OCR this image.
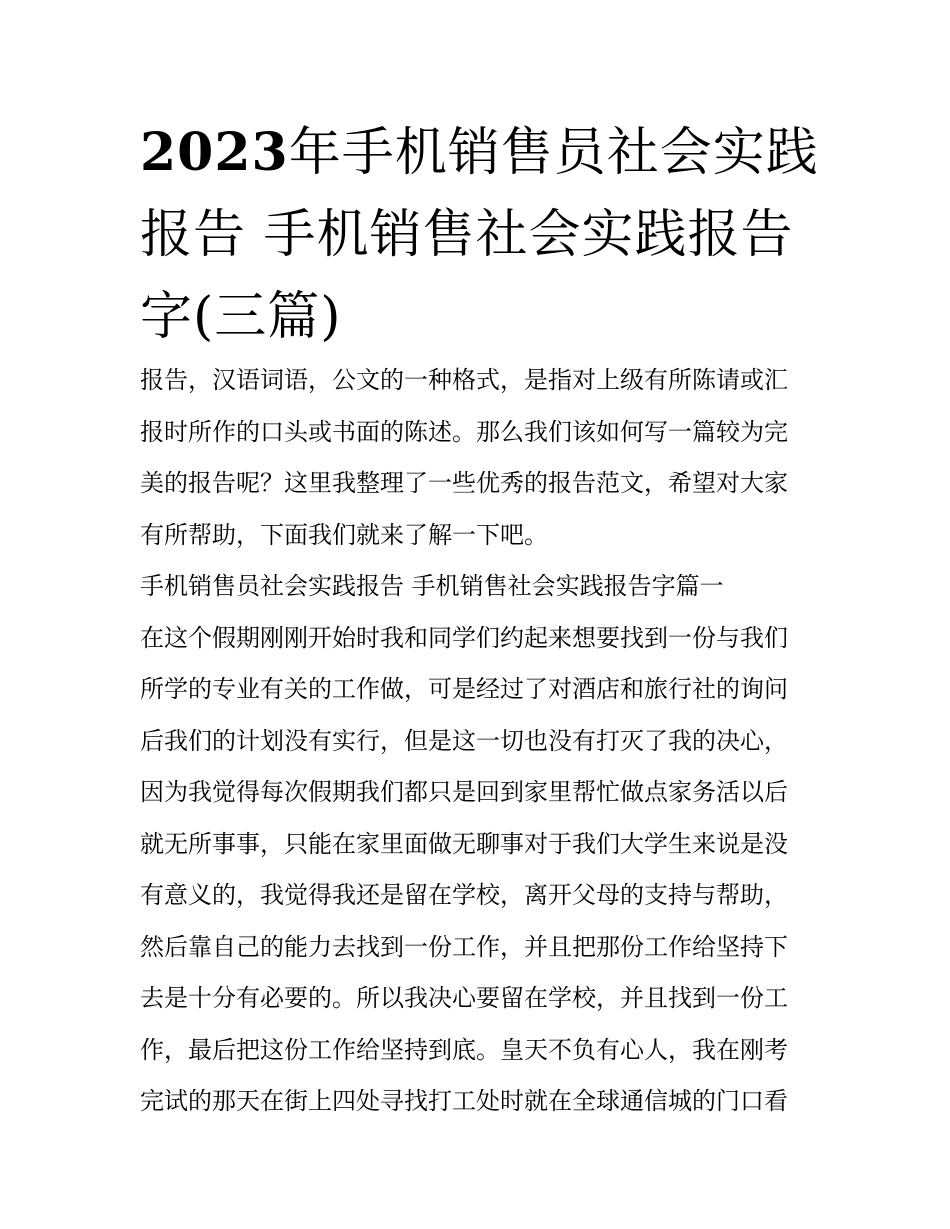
2023年手机销售员社会实践报告 手机销售社会实践报告字(三篇)
报告，汉语词语，公文的一种格式，是指对上级有所陈请或汇
报时所作的口头或书面的陈述。那么我们该如何写一篇较为完
美的报告呢？这里我整理了一些优秀的报告范文，希望对大家
有所帮助，下面我们就来了解一下吧。
手机销售员社会实践报告 手机销售社会实践报告字篇一
在这个假期刚刚开始时我和同学们约起来想要找到一份与我们
所学的专业有关的工作做，可是经过了对酒店和旅行社的询问
后我们的计划没有实行，但是这一切也没有打灭了我的决心，
因为我觉得每次假期我们都只是回到家里帮忙做点家务活以后
就无所事事，只能在家里面做无聊事对于我们大学生来说是没
有意义的，我觉得我还是留在学校，离开父母的支持与帮助，
然后靠自己的能力去找到一份工作，并且把那份工作给坚持下
去是十分有必要的。所以我决心要留在学校，并且找到一份工
作，最后把这份工作给坚持到底。皇天不负有心人，我在刚考
完试的那天在街上四处寻找打工处时就在全球通信城的门口看
